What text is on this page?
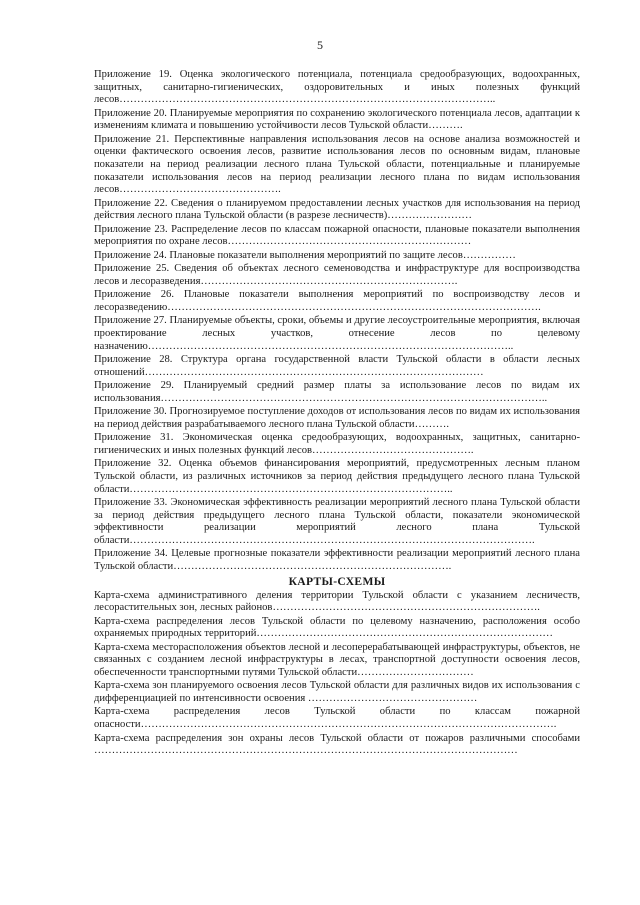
5

Приложение 19. Оценка экологического потенциала, потенциала средообразующих, водоохранных, защитных, санитарно-гигиенических, оздоровительных и иных полезных функций лесов……………………………………………………………………………………………..

Приложение 20. Планируемые мероприятия по сохранению экологического потенциала лесов, адаптации к изменениям климата и повышению устойчивости лесов Тульской области……….

Приложение 21. Перспективные направления использования лесов на основе анализа возможностей и оценки фактического освоения лесов, развитие использования лесов по основным видам, плановые показатели на период реализации лесного плана Тульской области, потенциальные и планируемые показатели использования лесов на период реализации лесного плана по видам использования лесов……………………………………….

Приложение 22. Сведения о планируемом предоставлении лесных участков для использования на период действия лесного плана Тульской области (в разрезе лесничеств)……………………

Приложение 23. Распределение лесов по классам пожарной опасности, плановые показатели выполнения мероприятия по охране лесов……………………………………………………………

Приложение 24. Плановые показатели выполнения мероприятий по защите лесов……………

Приложение 25. Сведения об объектах лесного семеноводства и инфраструктуре для воспроизводства лесов и лесоразведения……………………………………………………………….

Приложение 26. Плановые показатели выполнения мероприятий по воспроизводству лесов и лесоразведению…………………………………………………………………………………………….

Приложение 27. Планируемые объекты, сроки, объемы и другие лесоустроительные мероприятия, включая проектирование лесных участков, отнесение лесов по целевому назначению…………………………………………………………………………………………..

Приложение 28. Структура органа государственной власти Тульской области в области лесных отношений……………………………………………………………………………………

Приложение 29. Планируемый средний размер платы за использование лесов по видам их использования………………………………………………………………………………………………..

Приложение 30. Прогнозируемое поступление доходов от использования лесов по видам их использования на период действия разрабатываемого лесного плана Тульской области……….

Приложение 31. Экономическая оценка средообразующих, водоохранных, защитных, санитарно-гигиенических и иных полезных функций лесов……………………………………….

Приложение 32. Оценка объемов финансирования мероприятий, предусмотренных лесным планом Тульской области, из различных источников за период действия предыдущего лесного плана Тульской области………………………………………………………………………………..

Приложение 33. Экономическая эффективность реализации мероприятий лесного плана Тульской области за период действия предыдущего лесного плана Тульской области, показатели экономической эффективности реализации мероприятий лесного плана Тульской области…………………………………………………………………………………………………….

Приложение 34. Целевые прогнозные показатели эффективности реализации мероприятий лесного плана Тульской области…………………………………………………………………….

КАРТЫ-СХЕМЫ

Карта-схема административного деления территории Тульской области с указанием лесничеств, лесорастительных зон, лесных районов………………………………………………………………….

Карта-схема распределения лесов Тульской области по целевому назначению, расположения особо охраняемых природных территорий…………………………………………………………………………

Карта-схема месторасположения объектов лесной и лесоперерабатывающей инфраструктуры, объектов, не связанных с созданием лесной инфраструктуры в лесах, транспортной доступности освоения лесов, обеспеченности транспортными путями Тульской области……………………………

Карта-схема зон планируемого освоения лесов Тульской области для различных видов их использования с дифференциацией по интенсивности освоения …………………………………………

Карта-схема распределения лесов Тульской области по классам пожарной опасности……………………………………………………………………………………………………….

Карта-схема распределения зон охраны лесов Тульской области от пожаров различными способами …………………………………………………………………………………………………………
